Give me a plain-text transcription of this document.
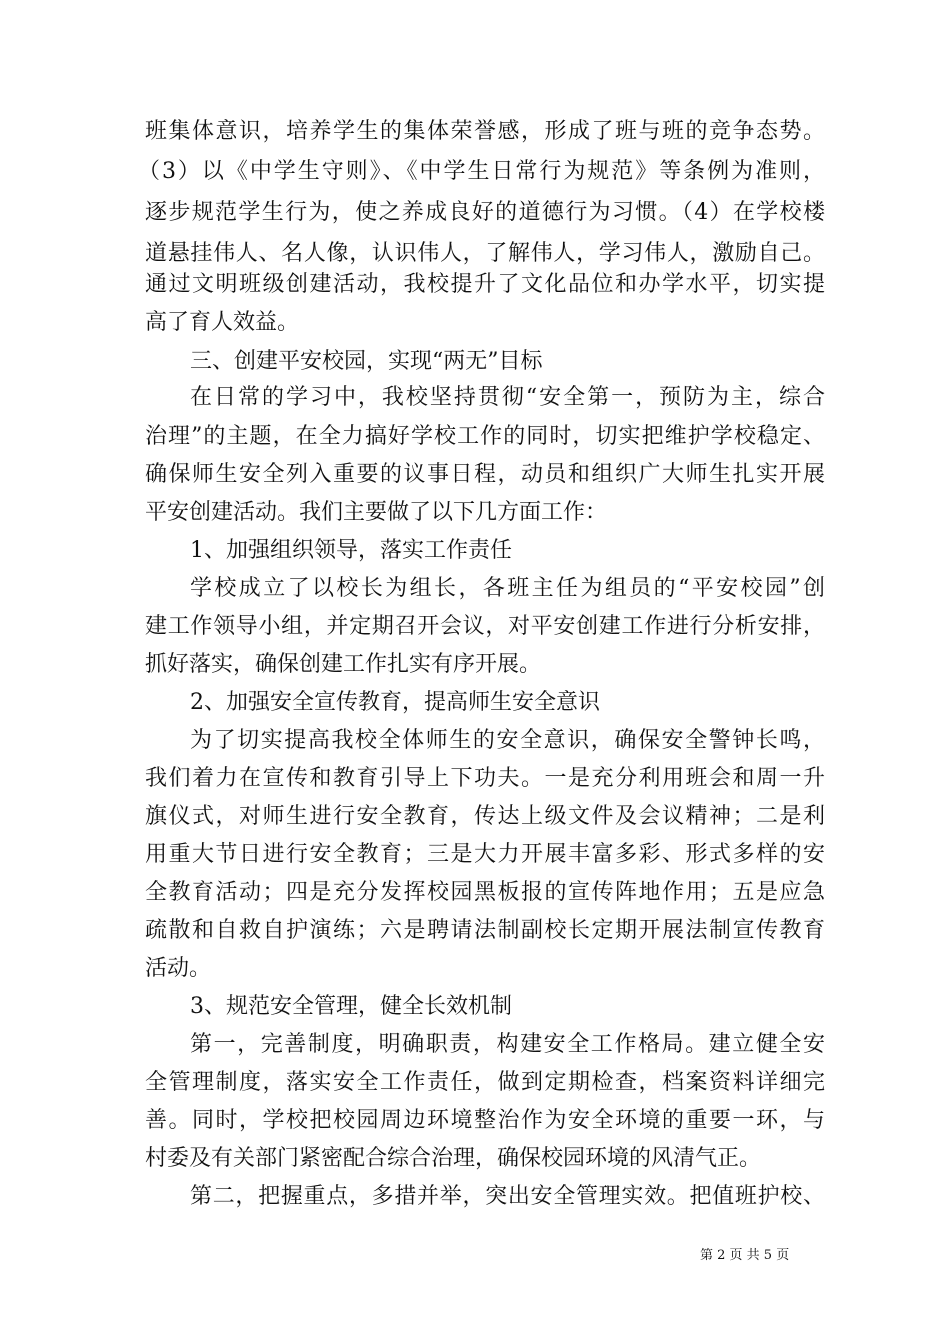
班集体意识，培养学生的集体荣誉感，形成了班与班的竞争态势。
（3）以《中学生守则》、《中学生日常行为规范》等条例为准则，
逐步规范学生行为，使之养成良好的道德行为习惯。（4）在学校楼
道悬挂伟人、名人像，认识伟人，了解伟人，学习伟人，激励自己。
通过文明班级创建活动，我校提升了文化品位和办学水平，切实提
高了育人效益。
三、创建平安校园，实现“两无”目标
在日常的学习中，我校坚持贯彻“安全第一，预防为主，综合
治理”的主题，在全力搞好学校工作的同时，切实把维护学校稳定、
确保师生安全列入重要的议事日程，动员和组织广大师生扎实开展
平安创建活动。我们主要做了以下几方面工作：
1、加强组织领导，落实工作责任
学校成立了以校长为组长，各班主任为组员的“平安校园”创
建工作领导小组，并定期召开会议，对平安创建工作进行分析安排，
抓好落实，确保创建工作扎实有序开展。
2、加强安全宣传教育，提高师生安全意识
为了切实提高我校全体师生的安全意识，确保安全警钟长鸣，
我们着力在宣传和教育引导上下功夫。一是充分利用班会和周一升
旗仪式，对师生进行安全教育，传达上级文件及会议精神；二是利
用重大节日进行安全教育；三是大力开展丰富多彩、形式多样的安
全教育活动；四是充分发挥校园黑板报的宣传阵地作用；五是应急
疏散和自救自护演练；六是聘请法制副校长定期开展法制宣传教育
活动。
3、规范安全管理，健全长效机制
第一，完善制度，明确职责，构建安全工作格局。建立健全安
全管理制度，落实安全工作责任，做到定期检查，档案资料详细完
善。同时，学校把校园周边环境整治作为安全环境的重要一环，与
村委及有关部门紧密配合综合治理，确保校园环境的风清气正。
第二，把握重点，多措并举，突出安全管理实效。把值班护校、
第 2 页 共 5 页
